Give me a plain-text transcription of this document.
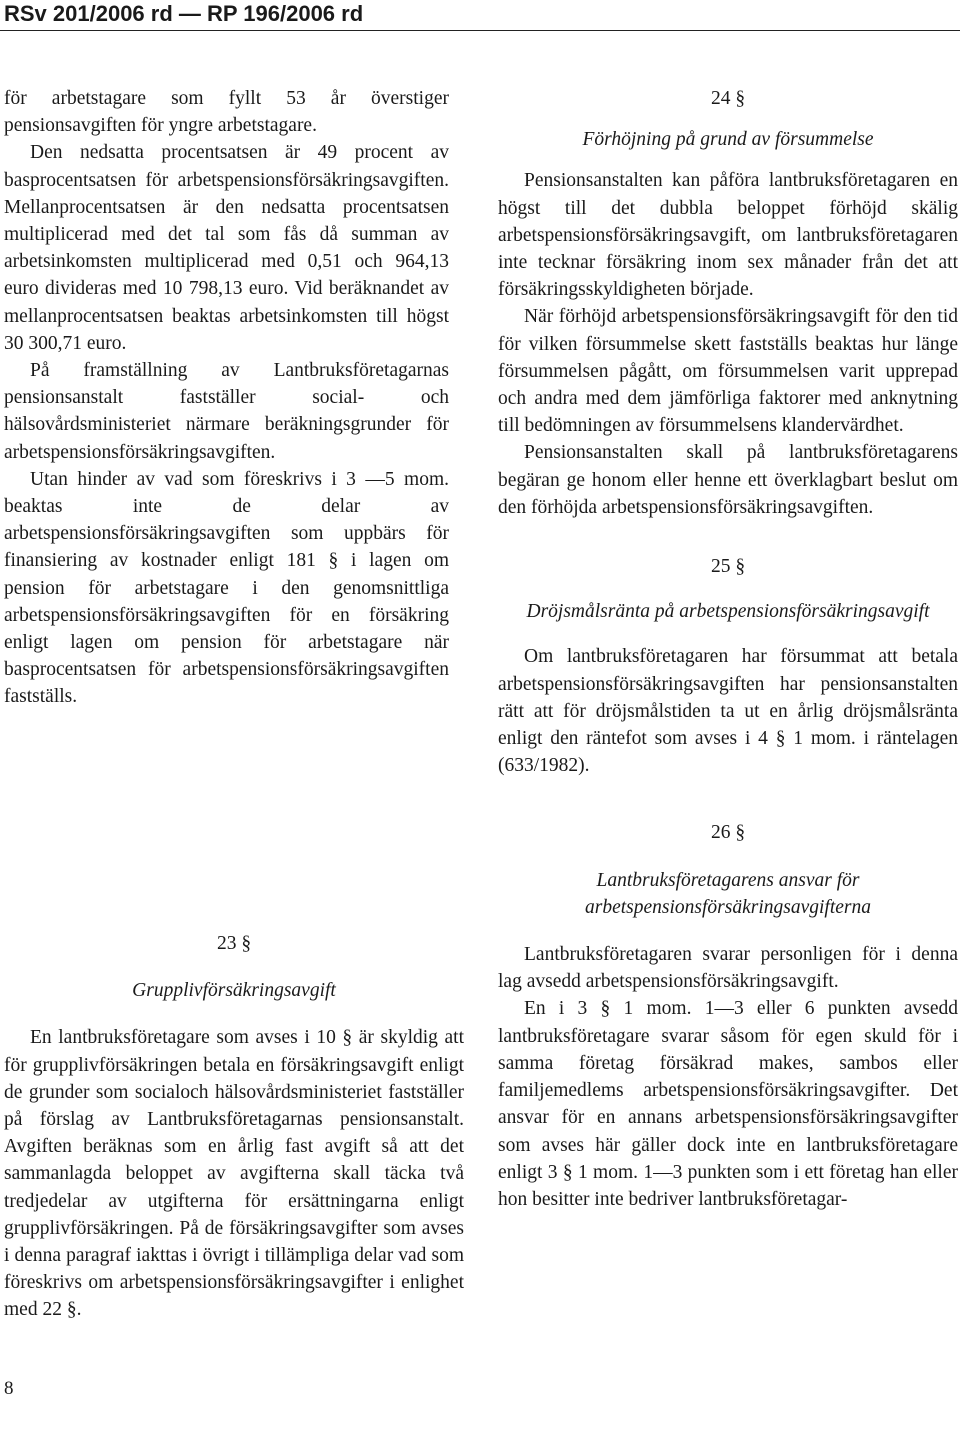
RSv 201/2006 rd — RP 196/2006 rd

för arbetstagare som fyllt 53 år överstiger pensionsavgiften för yngre arbetstagare.

Den nedsatta procentsatsen är 49 procent av basprocentsatsen för arbetspensionsförsäkringsavgiften. Mellanprocentsatsen är den nedsatta procentsatsen multiplicerad med det tal som fås då summan av arbetsinkomsten multiplicerad med 0,51 och 964,13 euro divideras med 10 798,13 euro. Vid beräknandet av mellanprocentsatsen beaktas arbetsinkomsten till högst 30 300,71 euro.

På framställning av Lantbruksföretagarnas pensionsanstalt fastställer social- och hälsovårdsministeriet närmare beräkningsgrunder för arbetspensionsförsäkringsavgiften.

Utan hinder av vad som föreskrivs i 3 —5 mom. beaktas inte de delar av arbetspensionsförsäkringsavgiften som uppbärs för finansiering av kostnader enligt 181 § i lagen om pension för arbetstagare i den genomsnittliga arbetspensionsförsäkringsavgiften för en försäkring enligt lagen om pension för arbetstagare när basprocentsatsen för arbetspensionsförsäkringsavgiften fastställs.

23 §

Grupplivförsäkringsavgift

En lantbruksföretagare som avses i 10 § är skyldig att för grupplivförsäkringen betala en försäkringsavgift enligt de grunder som socialoch hälsovårdsministeriet fastställer på förslag av Lantbruksföretagarnas pensionsanstalt. Avgiften beräknas som en årlig fast avgift så att det sammanlagda beloppet av avgifterna skall täcka två tredjedelar av utgifterna för ersättningarna enligt grupplivförsäkringen. På de försäkringsavgifter som avses i denna paragraf iakttas i övrigt i tillämpliga delar vad som föreskrivs om arbetspensionsförsäkringsavgifter i enlighet med 22 §.

24 §

Förhöjning på grund av försummelse

Pensionsanstalten kan påföra lantbruksföretagaren en högst till det dubbla beloppet förhöjd skälig arbetspensionsförsäkringsavgift, om lantbruksföretagaren inte tecknar försäkring inom sex månader från det att försäkringsskyldigheten började.

När förhöjd arbetspensionsförsäkringsavgift för den tid för vilken försummelse skett fastställs beaktas hur länge försummelsen pågått, om försummelsen varit upprepad och andra med dem jämförliga faktorer med anknytning till bedömningen av försummelsens klandervärdhet.

Pensionsanstalten skall på lantbruksföretagarens begäran ge honom eller henne ett överklagbart beslut om den förhöjda arbetspensionsförsäkringsavgiften.

25 §

Dröjsmålsränta på arbetspensionsförsäkringsavgift

Om lantbruksföretagaren har försummat att betala arbetspensionsförsäkringsavgiften har pensionsanstalten rätt att för dröjsmålstiden ta ut en årlig dröjsmålsränta enligt den räntefot som avses i 4 § 1 mom. i räntelagen (633/1982).

26 §

Lantbruksföretagarens ansvar för arbetspensionsförsäkringsavgifterna

Lantbruksföretagaren svarar personligen för i denna lag avsedd arbetspensionsförsäkringsavgift.

En i 3 § 1 mom. 1—3 eller 6 punkten avsedd lantbruksföretagare svarar såsom för egen skuld för i samma företag försäkrad makes, sambos eller familjemedlems arbetspensionsförsäkringsavgifter. Det ansvar för en annans arbetspensionsförsäkringsavgifter som avses här gäller dock inte en lantbruksföretagare enligt 3 § 1 mom. 1—3 punkten som i ett företag han eller hon besitter inte bedriver lantbruksföretagar-

8
